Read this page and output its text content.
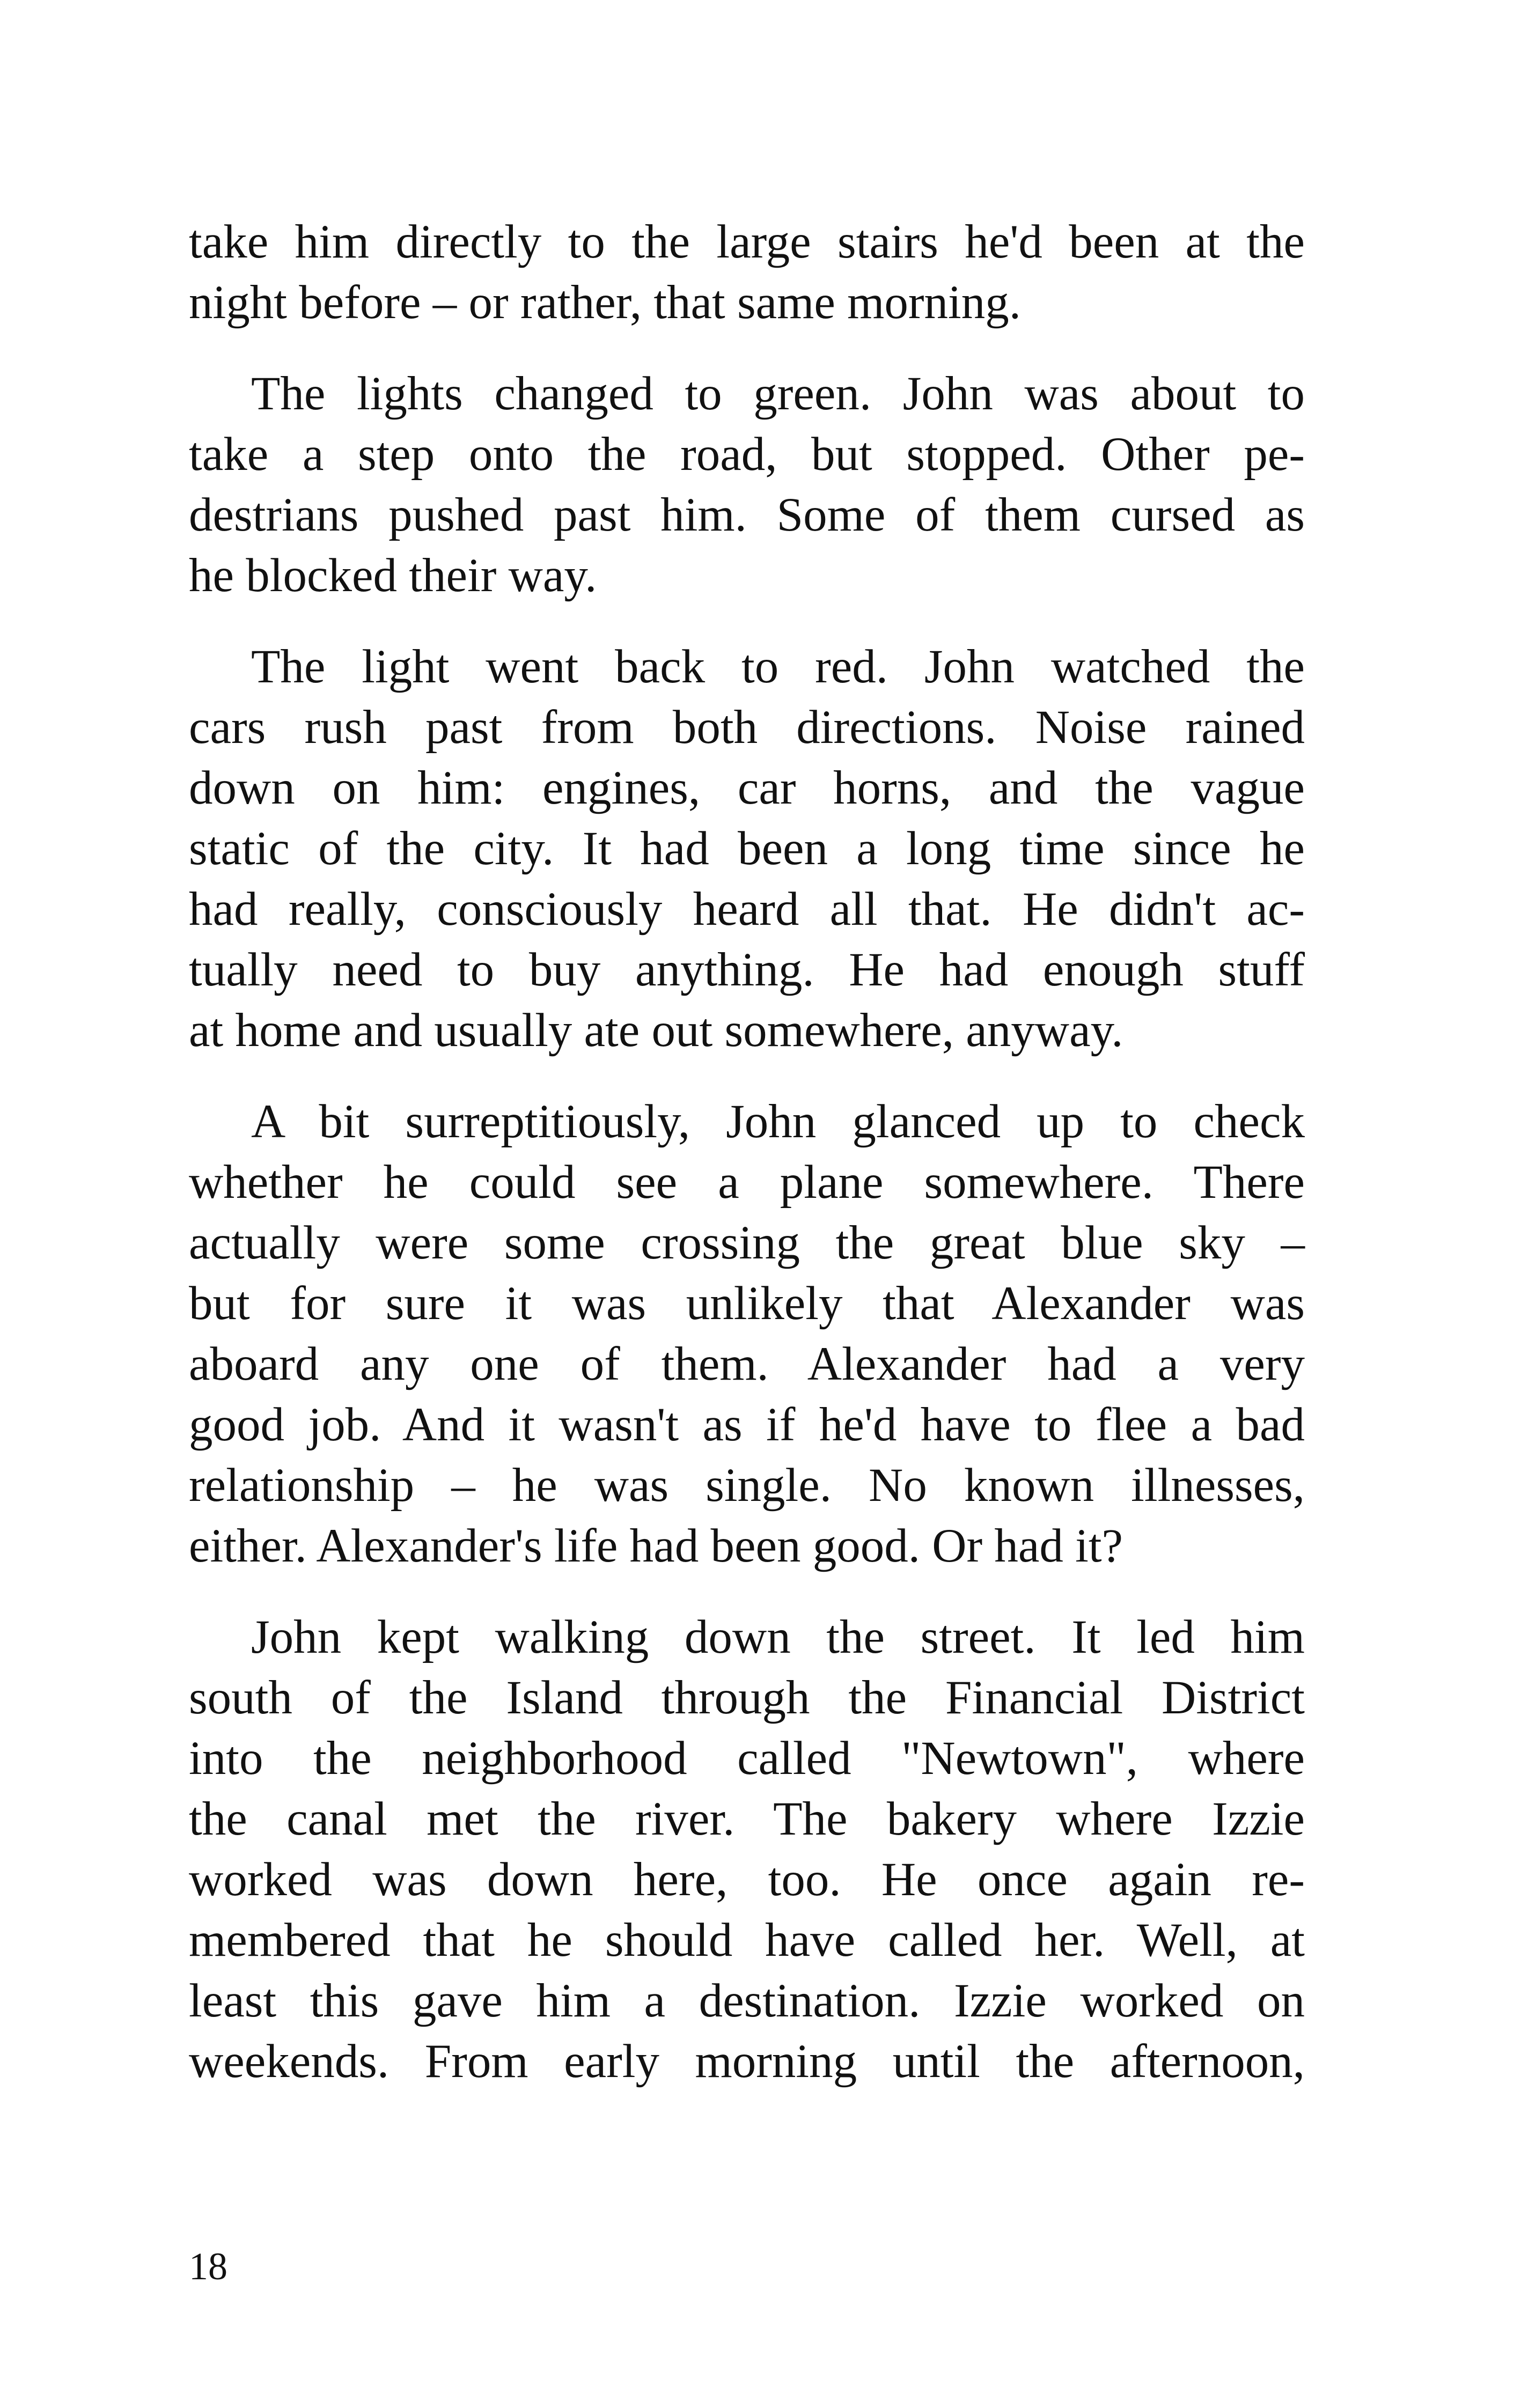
take him directly to the large stairs he'd been at the
night before – or rather, that same morning.
The lights changed to green. John was about to
take a step onto the road, but stopped. Other pe-
destrians pushed past him. Some of them cursed as
he blocked their way.
The light went back to red. John watched the
cars rush past from both directions. Noise rained
down on him: engines, car horns, and the vague
static of the city. It had been a long time since he
had really, consciously heard all that. He didn't ac-
tually need to buy anything. He had enough stuff
at home and usually ate out somewhere, anyway.
A bit surreptitiously, John glanced up to check
whether he could see a plane somewhere. There
actually were some crossing the great blue sky –
but for sure it was unlikely that Alexander was
aboard any one of them. Alexander had a very
good job. And it wasn't as if he'd have to flee a bad
relationship – he was single. No known illnesses,
either. Alexander's life had been good. Or had it?
John kept walking down the street. It led him
south of the Island through the Financial District
into the neighborhood called "Newtown", where
the canal met the river. The bakery where Izzie
worked was down here, too. He once again re-
membered that he should have called her. Well, at
least this gave him a destination. Izzie worked on
weekends. From early morning until the afternoon,
18
